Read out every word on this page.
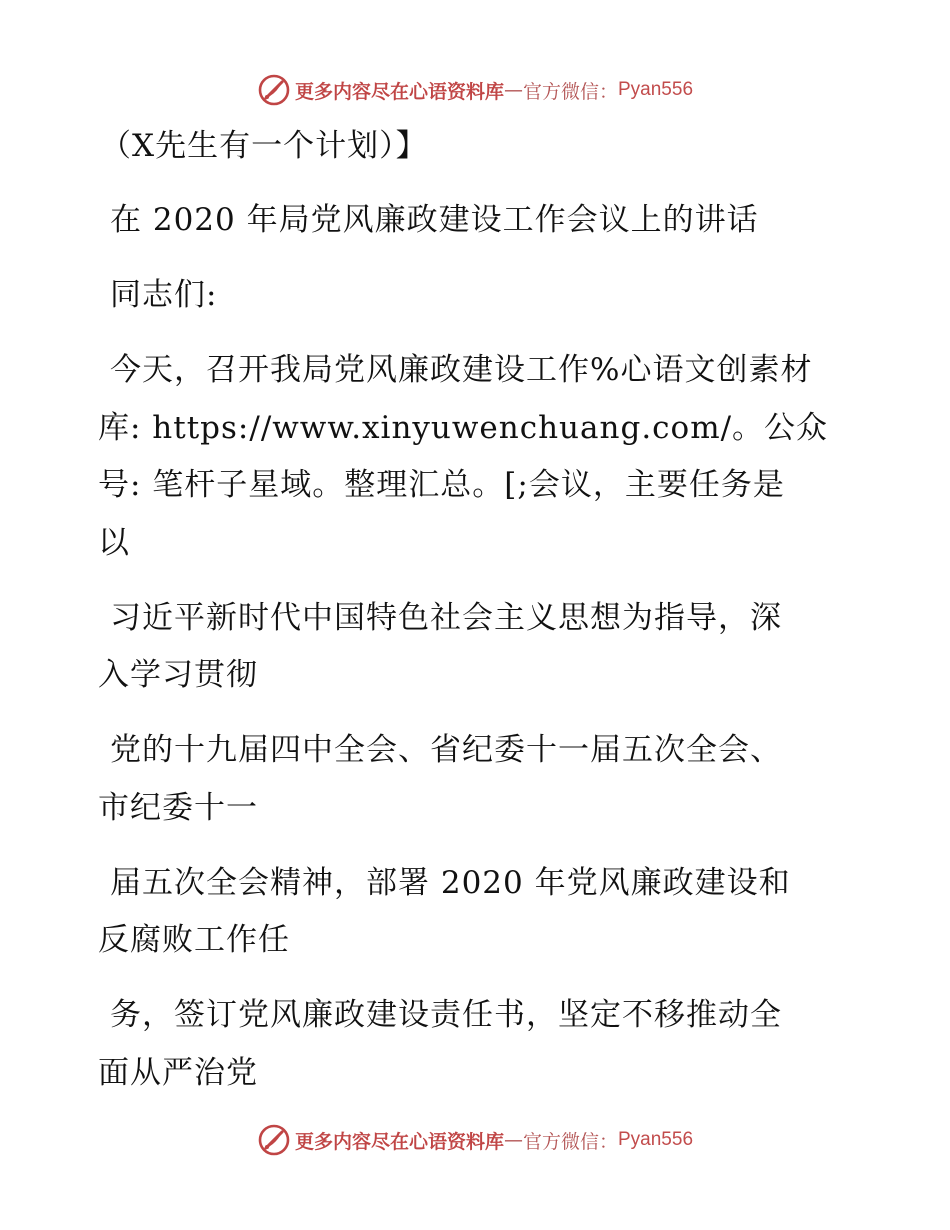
更多内容尽在心语资料库 — 官方微信： Pyan556
（X先生有一个计划）】
在 2020 年局党风廉政建设工作会议上的讲话
同志们:
今天，召开我局党风廉政建设工作%心语文创素材
库: https://www.xinyuwenchuang.com/。公众
号: 笔杆子星域。整理汇总。[;会议，主要任务是
以
习近平新时代中国特色社会主义思想为指导，深
入学习贯彻
党的十九届四中全会、省纪委十一届五次全会、
市纪委十一
届五次全会精神，部署 2020 年党风廉政建设和
反腐败工作任
务，签订党风廉政建设责任书，坚定不移推动全
面从严治党
更多内容尽在心语资料库 — 官方微信： Pyan556
